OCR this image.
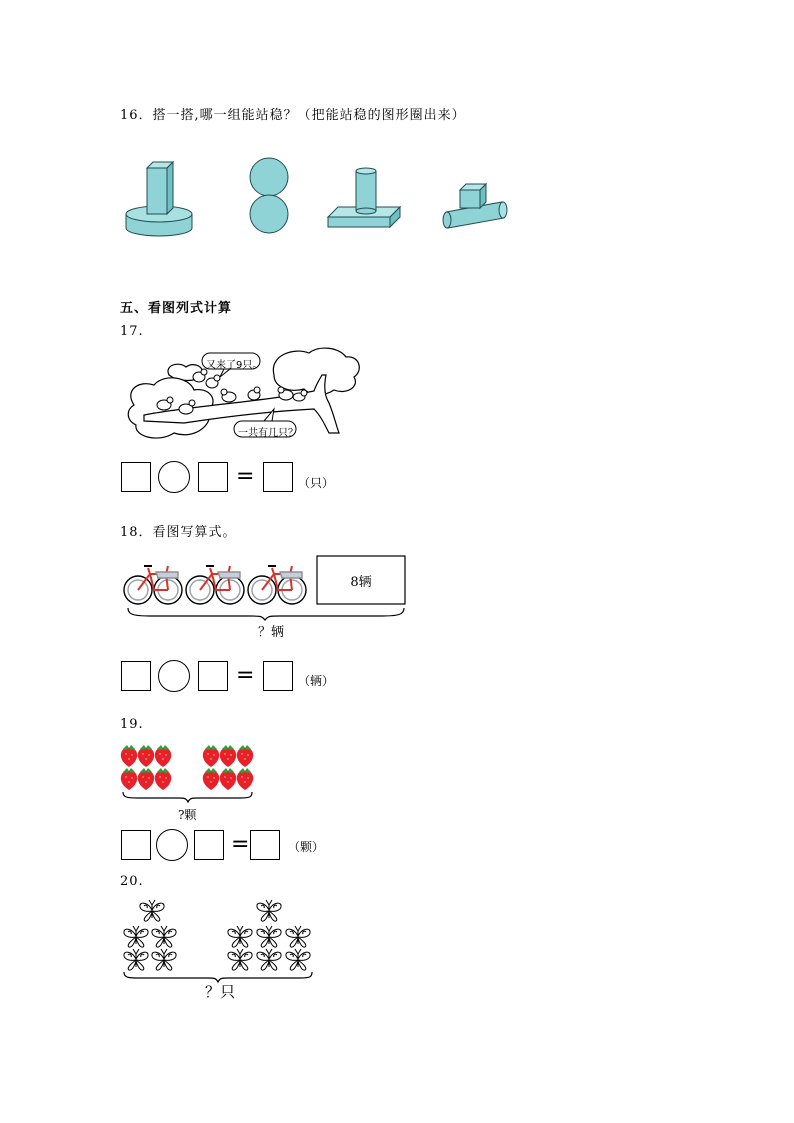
16．搭一搭,哪一组能站稳？（把能站稳的图形圈出来）
五、看图列式计算
17.
又来了9只。
一共有几只？
=	（只）
18．看图写算式。
8辆
？辆
=	（辆）
19.
?颗
=	（颗）
20.
？只
